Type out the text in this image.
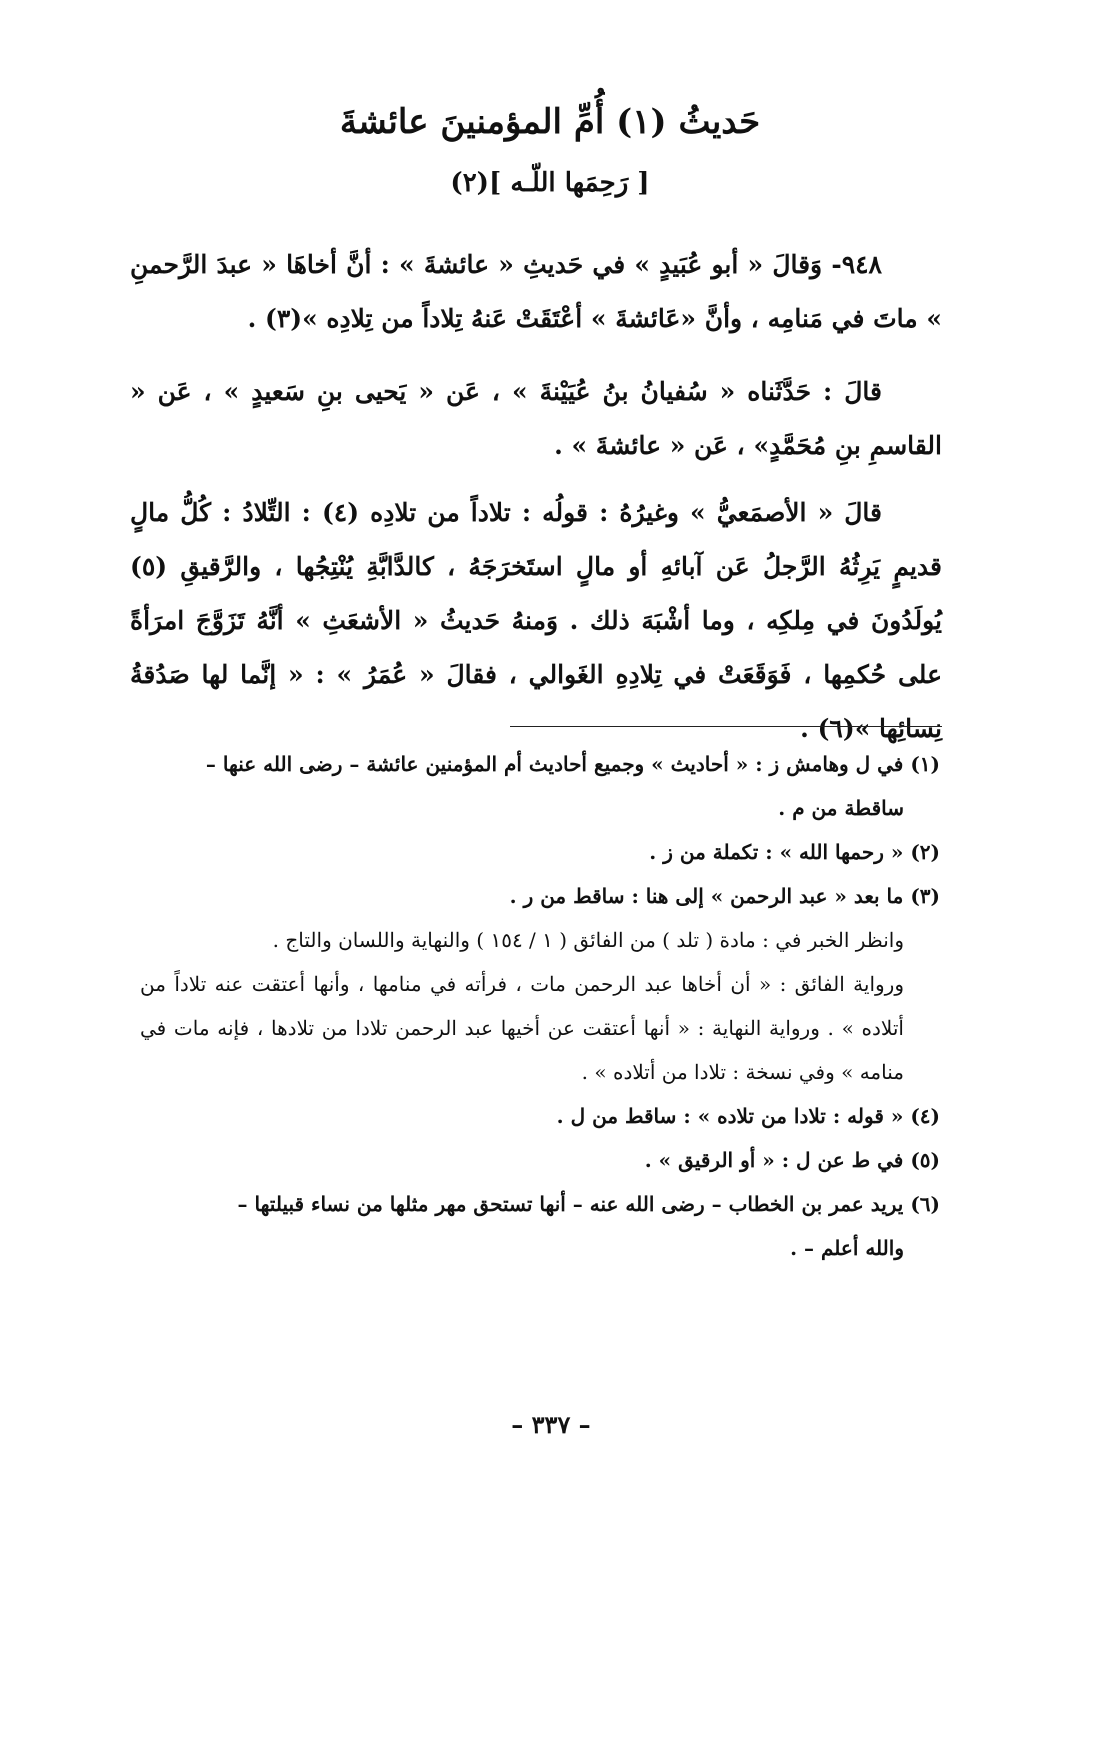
حَديثُ (١) أُمِّ المؤمنينَ عائشةَ
[ رَحِمَها اللّـه ](٢)

٩٤٨- وَقالَ « أبو عُبَيدٍ » في حَديثِ « عائشةَ » : أنَّ أخاهَا « عبدَ الرَّحمنِ » ماتَ في مَنامِه ، وأنَّ «عَائشةَ » أعْتَقَتْ عَنهُ تِلاداً من تِلادِه »(٣) .

قالَ : حَدَّثَناه « سُفيانُ بنُ عُيَيْنةَ » ، عَن « يَحيى بنِ سَعيدٍ » ، عَن « القاسمِ بنِ مُحَمَّدٍ» ، عَن « عائشةَ » .

قالَ « الأصمَعيُّ » وغيرُهُ : قولُه : تلاداً من تلادِه (٤) : التِّلادُ : كُلُّ مالٍ قديمٍ يَرِثُهُ الرَّجلُ عَن آبائهِ أو مالٍ استَخرَجَهُ ، كالدَّابَّةِ يُنْتِجُها ، والرَّقيقِ (٥) يُولَدُونَ في مِلكِه ، وما أشْبَهَ ذلك . وَمنهُ حَديثُ « الأشعَثِ » أنَّهُ تَزَوَّجَ امرَأةً على حُكمِها ، فَوَقَعَتْ في تِلادِهِ الغَوالي ، فقالَ « عُمَرُ » : « إنَّما لها صَدُقةُ نِسائِها »(٦) .

(١) في ل وهامش ز : « أحاديث » وجميع أحاديث أم المؤمنين عائشة – رضى الله عنها –

ساقطة من م .

(٢) « رحمها الله » : تكملة من ز .

(٣) ما بعد « عبد الرحمن » إلى هنا : ساقط من ر .

وانظر الخبر في : مادة ( تلد ) من الفائق ( ١ / ١٥٤ ) والنهاية واللسان والتاج .

ورواية الفائق : « أن أخاها عبد الرحمن مات ، فرأته في منامها ، وأنها أعتقت عنه تلاداً من أتلاده » . ورواية النهاية : « أنها أعتقت عن أخيها عبد الرحمن تلادا من تلادها ، فإنه مات في منامه » وفي نسخة : تلادا من أتلاده » .

(٤) « قوله : تلادا من تلاده » : ساقط من ل .

(٥) في ط عن ل : « أو الرقيق » .

(٦) يريد عمر بن الخطاب – رضى الله عنه – أنها تستحق مهر مثلها من نساء قبيلتها –

والله أعلم – .

– ٣٣٧ –
